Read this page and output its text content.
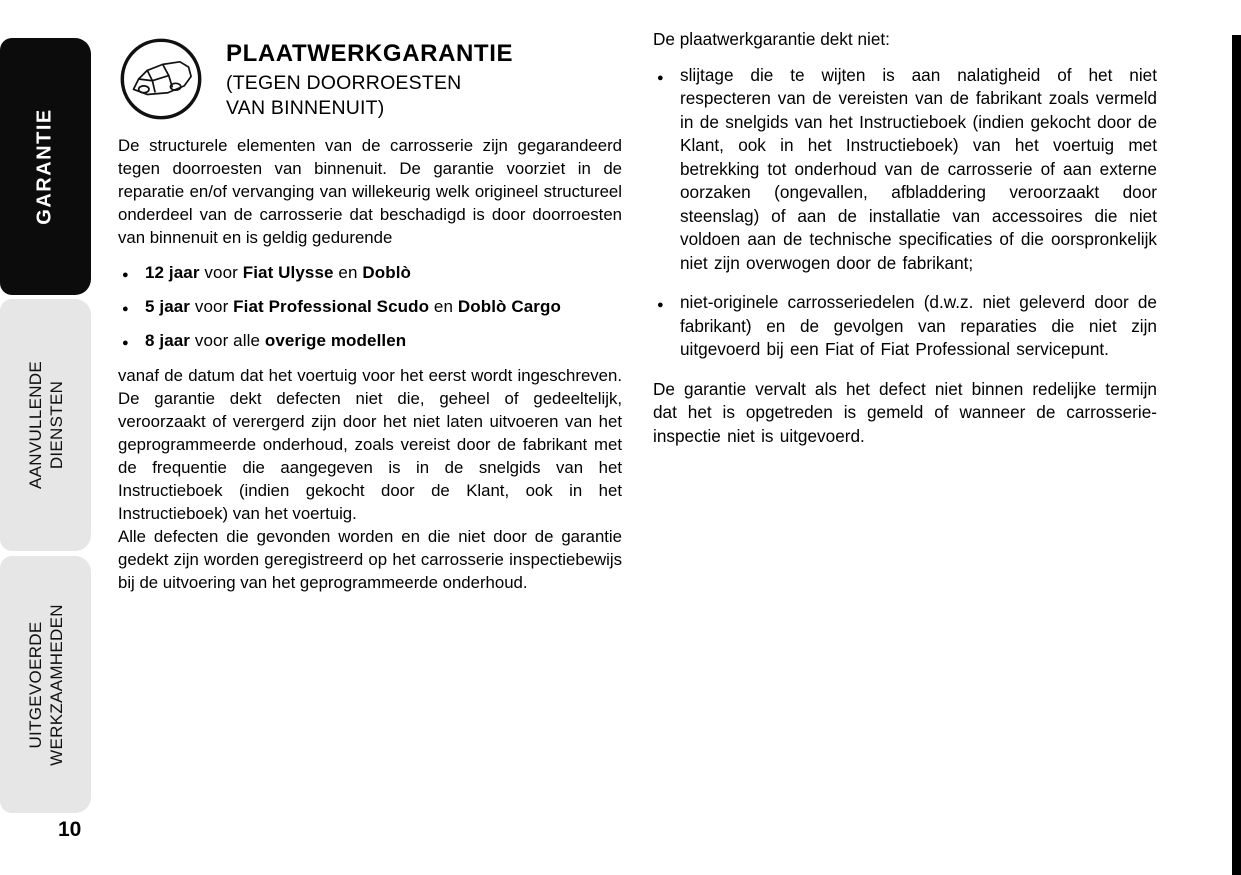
GARANTIE
AANVULLENDE DIENSTEN
UITGEVOERDE WERKZAAMHEDEN
10
PLAATWERKGARANTIE
(TEGEN DOORROESTEN
VAN BINNENUIT)

De structurele elementen van de carrosserie zijn gegarandeerd tegen doorroesten van binnenuit. De garantie voorziet in de reparatie en/of vervanging van willekeurig welk origineel structureel onderdeel van de carrosserie dat beschadigd is door doorroesten van binnenuit en is geldig gedurende

● 12 jaar voor Fiat Ulysse en Doblò
● 5 jaar voor Fiat Professional Scudo en Doblò Cargo
● 8 jaar voor alle overige modellen

vanaf de datum dat het voertuig voor het eerst wordt ingeschreven. De garantie dekt defecten niet die, geheel of gedeeltelijk, veroorzaakt of verergerd zijn door het niet laten uitvoeren van het geprogrammeerde onderhoud, zoals vereist door de fabrikant met de frequentie die aangegeven is in de snelgids van het Instructieboek (indien gekocht door de Klant, ook in het Instructieboek) van het voertuig.

Alle defecten die gevonden worden en die niet door de garantie gedekt zijn worden geregistreerd op het carrosserie inspectiebewijs bij de uitvoering van het geprogrammeerde onderhoud.

De plaatwerkgarantie dekt niet:

● slijtage die te wijten is aan nalatigheid of het niet respecteren van de vereisten van de fabrikant zoals vermeld in de snelgids van het Instructieboek (indien gekocht door de Klant, ook in het Instructieboek) van het voertuig met betrekking tot onderhoud van de carrosserie of aan externe oorzaken (ongevallen, afbladdering veroorzaakt door steenslag) of aan de installatie van accessoires die niet voldoen aan de technische specificaties of die oorspronkelijk niet zijn overwogen door de fabrikant;
● niet-originele carrosseriedelen (d.w.z. niet geleverd door de fabrikant) en de gevolgen van reparaties die niet zijn uitgevoerd bij een Fiat of Fiat Professional servicepunt.

De garantie vervalt als het defect niet binnen redelijke termijn dat het is opgetreden is gemeld of wanneer de carrosserie-inspectie niet is uitgevoerd.
